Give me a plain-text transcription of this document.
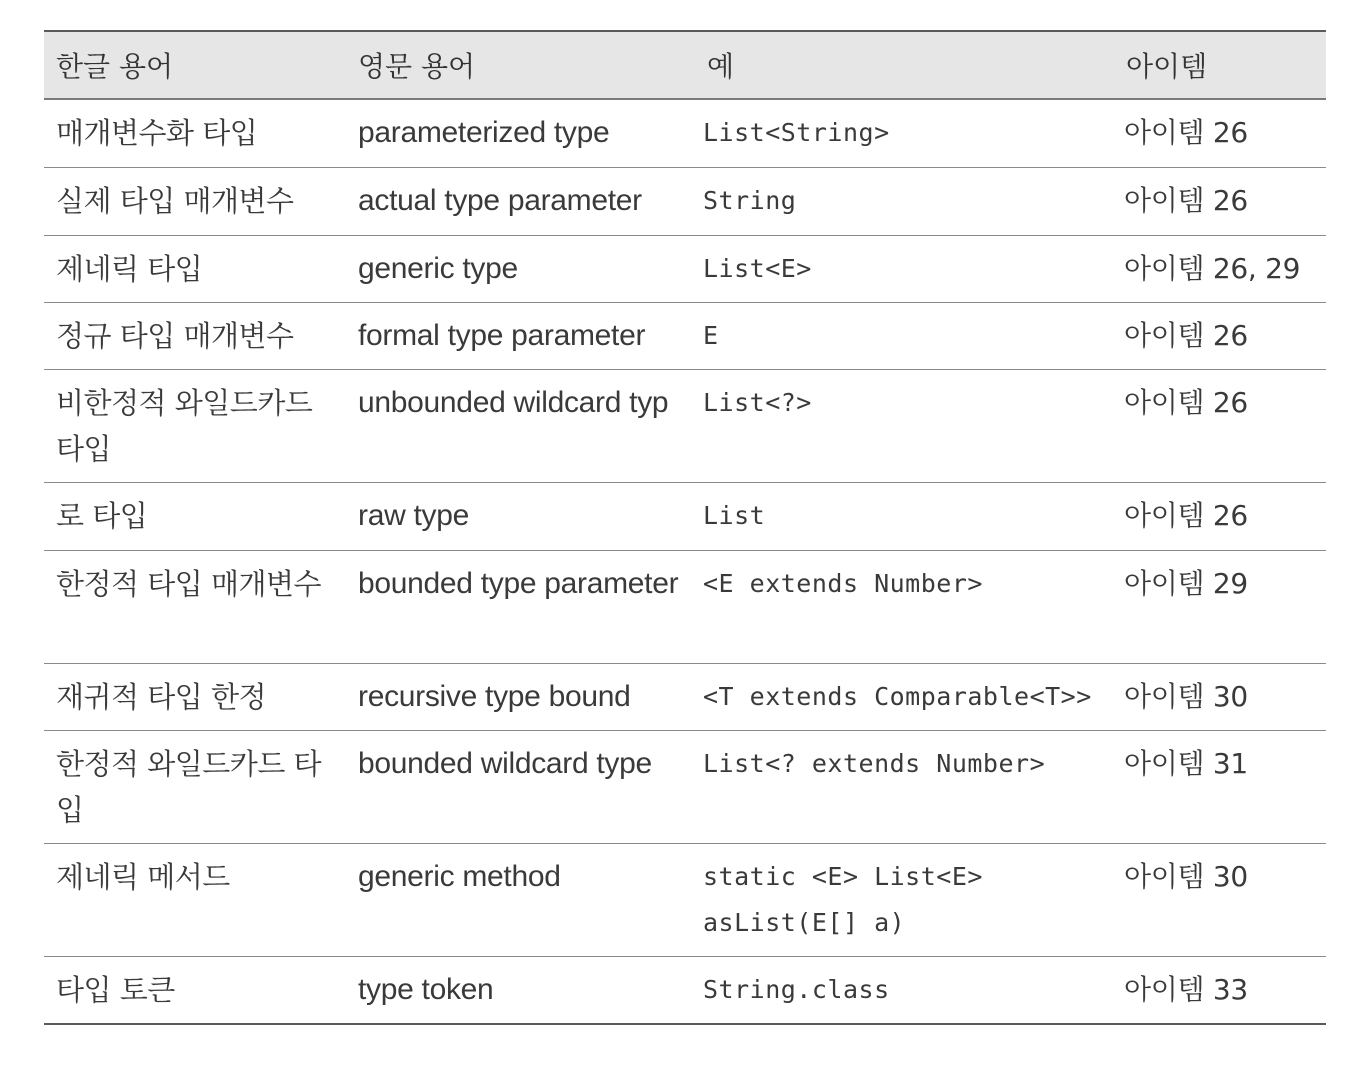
한글 용어	영문 용어	예	아이템
매개변수화 타입	parameterized type	List<String>	아이템 26
실제 타입 매개변수	actual type parameter	String	아이템 26
제네릭 타입	generic type	List<E>	아이템 26, 29
정규 타입 매개변수	formal type parameter	E	아이템 26
비한정적 와일드카드 타입	unbounded wildcard typ	List<?>	아이템 26
로 타입	raw type	List	아이템 26
한정적 타입 매개변수	bounded type parameter	<E extends Number>	아이템 29
재귀적 타입 한정	recursive type bound	<T extends Comparable<T>>	아이템 30
한정적 와일드카드 타입	bounded wildcard type	List<? extends Number>	아이템 31
제네릭 메서드	generic method	static <E> List<E> asList(E[] a)	아이템 30
타입 토큰	type token	String.class	아이템 33
